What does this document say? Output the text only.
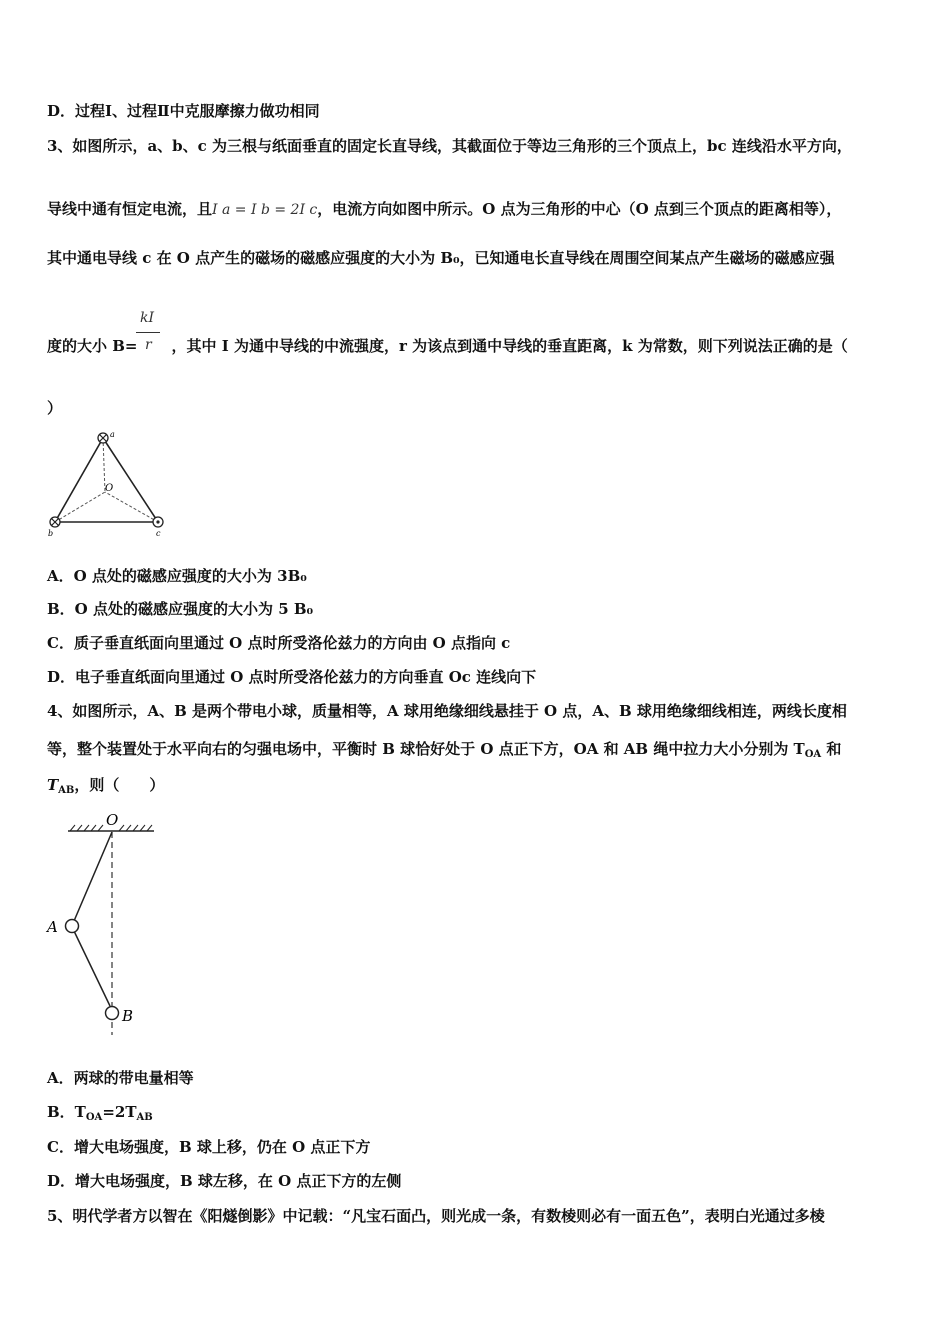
D．过程Ⅰ、过程Ⅱ中克服摩擦力做功相同
3、如图所示，a、b、c 为三根与纸面垂直的固定长直导线，其截面位于等边三角形的三个顶点上，bc 连线沿水平方向，
导线中通有恒定电流，且I a = I b = 2I c，电流方向如图中所示。O 点为三角形的中心（O 点到三个顶点的距离相等），
其中通电导线 c 在 O 点产生的磁场的磁感应强度的大小为 B₀，已知通电长直导线在周围空间某点产生磁场的磁感应强
kI
r
度的大小 B= ，其中 I 为通中导线的中流强度，r 为该点到通中导线的垂直距离，k 为常数，则下列说法正确的是（
）
a
b	c
O
A．O 点处的磁感应强度的大小为 3B₀
B．O 点处的磁感应强度的大小为 5 B₀
C．质子垂直纸面向里通过 O 点时所受洛伦兹力的方向由 O 点指向 c
D．电子垂直纸面向里通过 O 点时所受洛伦兹力的方向垂直 Oc 连线向下
4、如图所示，A、B 是两个带电小球，质量相等，A 球用绝缘细线悬挂于 O 点，A、B 球用绝缘细线相连，两线长度相
等，整个装置处于水平向右的匀强电场中，平衡时 B 球恰好处于 O 点正下方，OA 和 AB 绳中拉力大小分别为 $T_{OA}$ 和
$T_{AB}$，则（　　）
O
A
B
A．两球的带电量相等
B．$T_{OA}=2T_{AB}$
C．增大电场强度，B 球上移，仍在 O 点正下方
D．增大电场强度，B 球左移，在 O 点正下方的左侧
5、明代学者方以智在《阳燧倒影》中记载：“凡宝石面凸，则光成一条，有数棱则必有一面五色”，表明白光通过多棱
